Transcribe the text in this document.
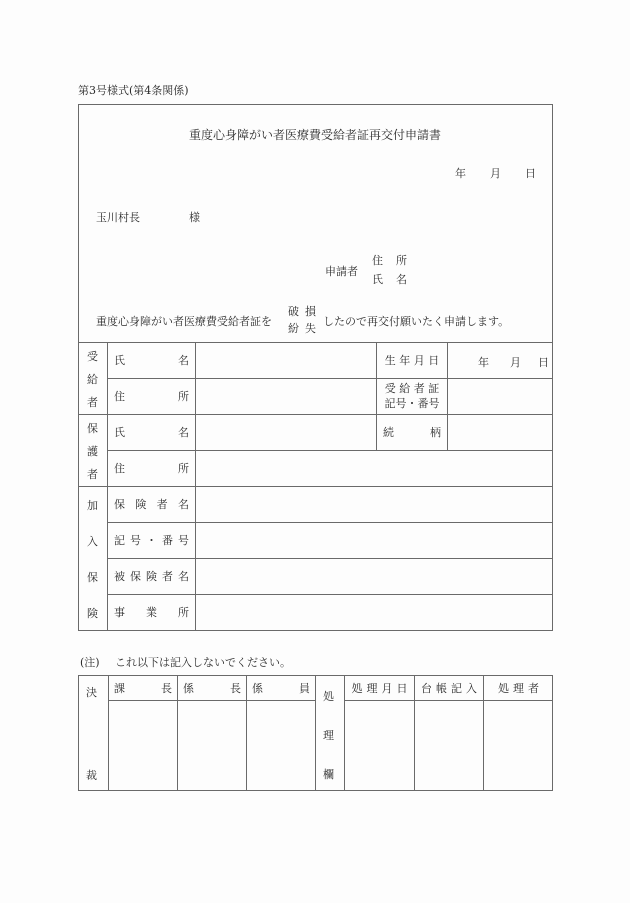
第3号様式(第4条関係)
重度心身障がい者医療費受給者証再交付申請書
年 月 日
玉川村長	様
申請者
住 所
氏 名
重度心身障がい者医療費受給者証を
破 損
紛 失
したので再交付願いたく申請します。
受
給
者
氏	名	生 年 月 日	年 月 日
住	所
受 給 者 証
記号・番号
保
護
者
氏	名	続	柄
住	所
加
入
保
険
保 険 者 名
記 号 ・ 番 号
被 保 険 者 名
事 業 所
(注) これ以下は記入しないでください。
決
裁
課	長 係	長 係	員
処
理
欄
処理月日 台帳記入 処理者
